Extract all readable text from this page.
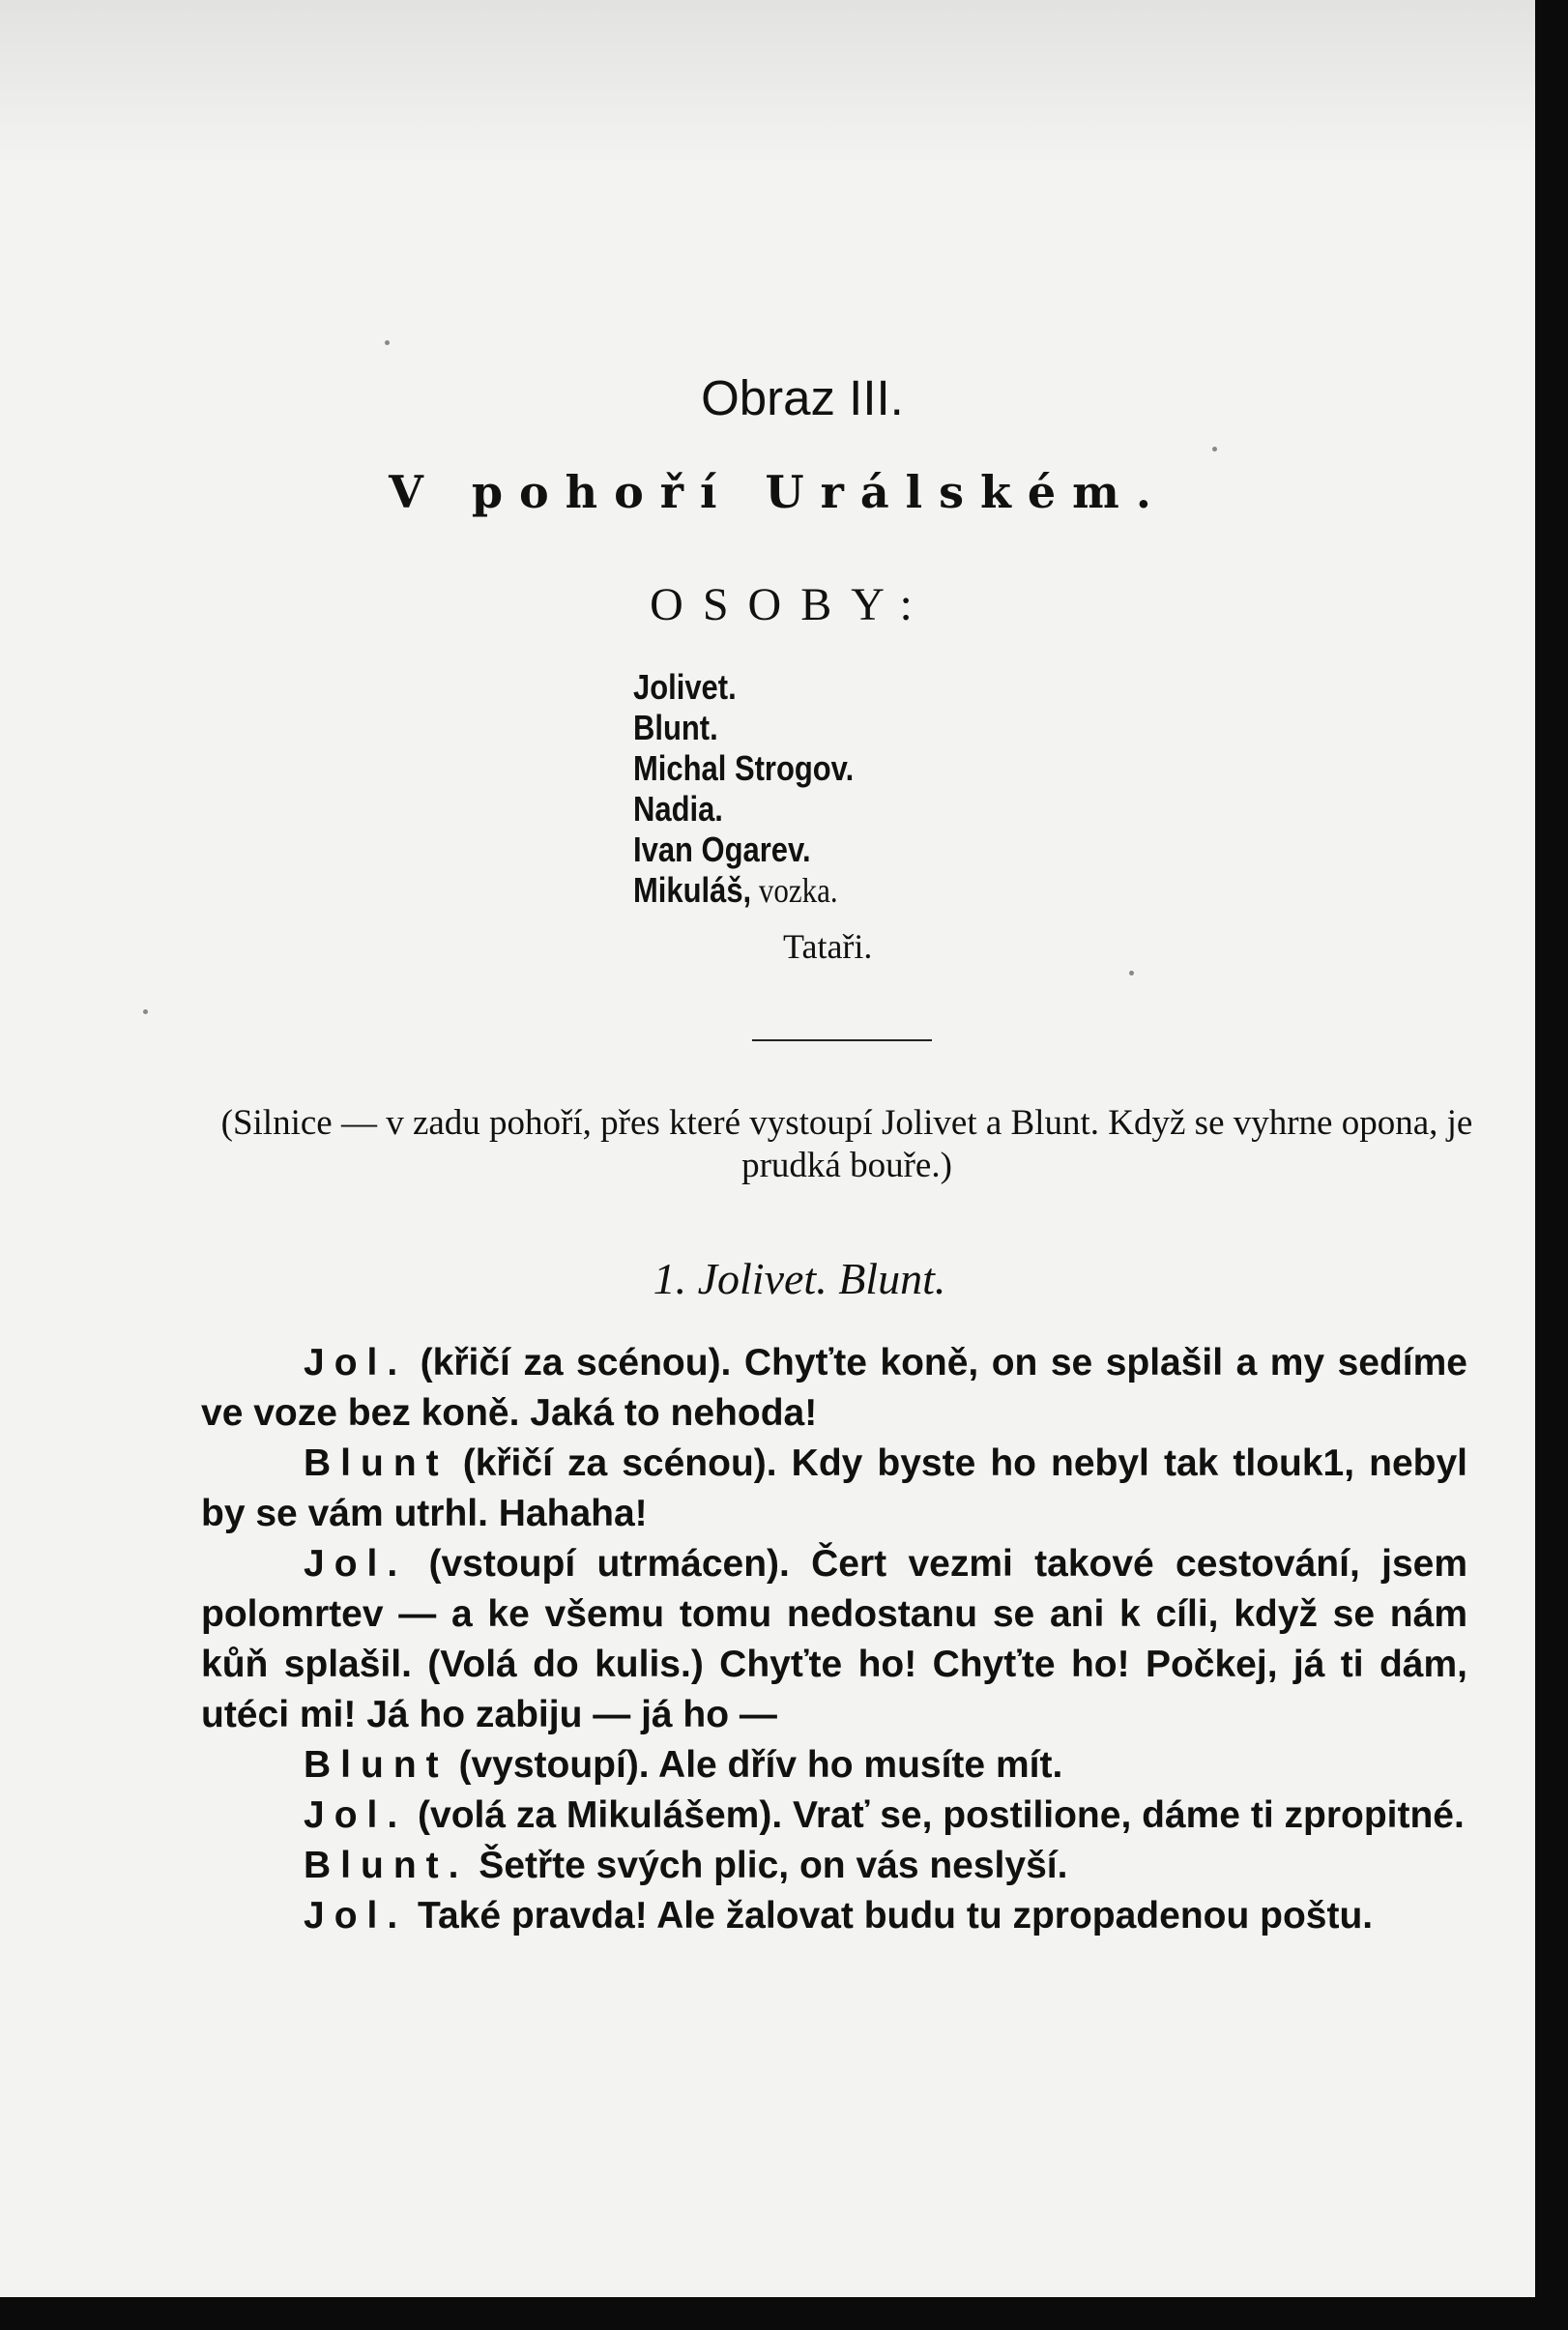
Obraz III.
V pohoří Urálském.
OSOBY:
Jolivet.
Blunt.
Michal Strogov.
Nadia.
Ivan Ogarev.
Mikuláš, vozka.
Tataři.
(Silnice — v zadu pohoří, přes které vystoupí Jolivet a Blunt. Když se vyhrne opona, je prudká bouře.)
1. Jolivet. Blunt.

Jol. (křičí za scénou). Chyťte koně, on se splašil a my sedíme ve voze bez koně. Jaká to nehoda!

Blunt (křičí za scénou). Kdy byste ho nebyl tak tlouk1, nebyl by se vám utrhl. Hahaha!

Jol. (vstoupí utrmácen). Čert vezmi takové cestování, jsem polomrtev — a ke všemu tomu nedostanu se ani k cíli, když se nám kůň splašil. (Volá do kulis.) Chyťte ho! Chyťte ho! Počkej, já ti dám, utéci mi! Já ho zabiju — já ho —

Blunt (vystoupí). Ale dřív ho musíte mít.

Jol. (volá za Mikulášem). Vrať se, postilione, dáme ti zpropitné.

Blunt. Šetřte svých plic, on vás neslyší.

Jol. Také pravda! Ale žalovat budu tu zpropadenou poštu.
